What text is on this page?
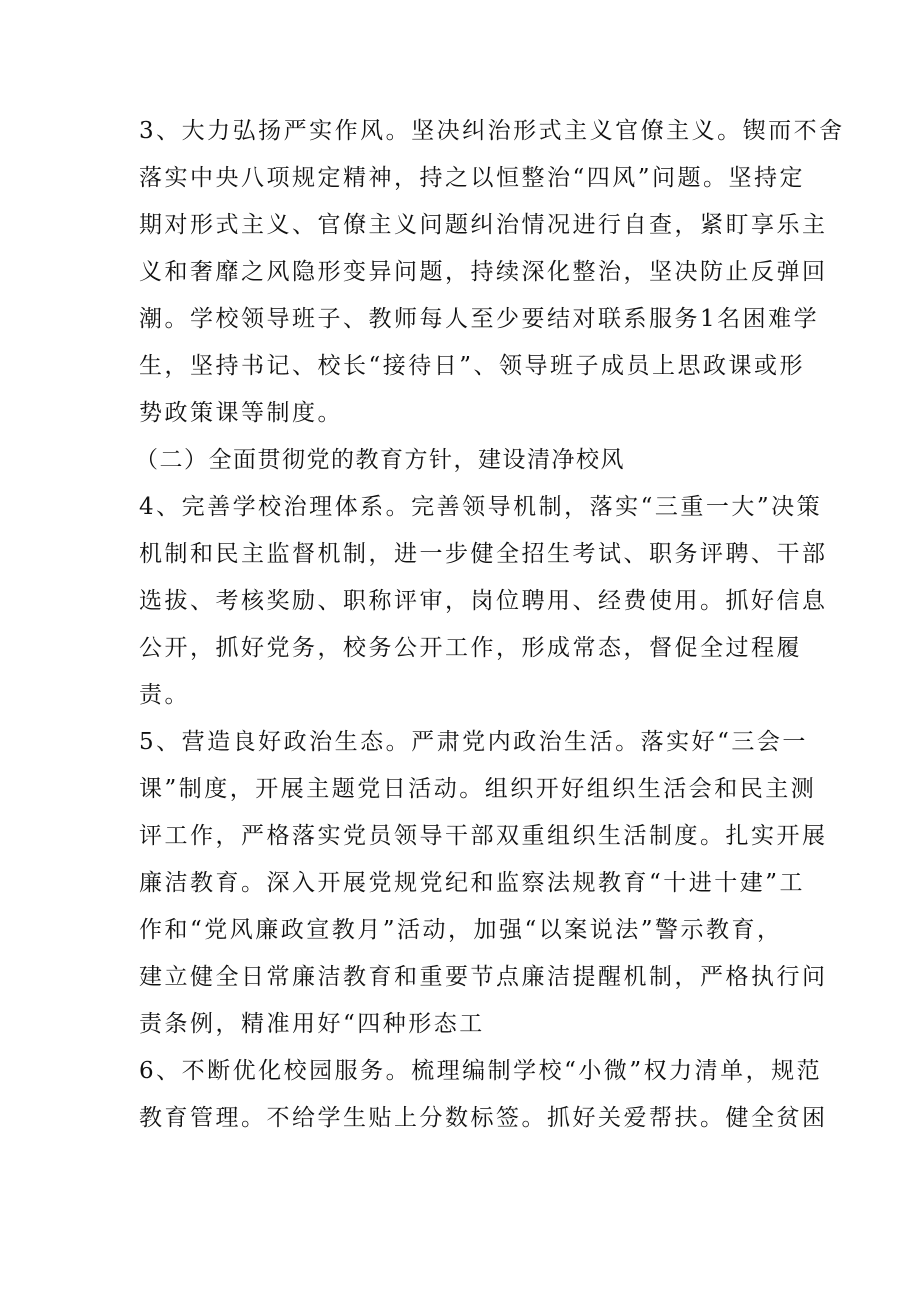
3、大力弘扬严实作风。坚决纠治形式主义官僚主义。锲而不舍
落实中央八项规定精神，持之以恒整治“四风”问题。坚持定
期对形式主义、官僚主义问题纠治情况进行自查，紧盯享乐主
义和奢靡之风隐形变异问题，持续深化整治，坚决防止反弹回
潮。学校领导班子、教师每人至少要结对联系服务1名困难学
生，坚持书记、校长“接待日”、领导班子成员上思政课或形
势政策课等制度。
（二）全面贯彻党的教育方针，建设清净校风
4、完善学校治理体系。完善领导机制，落实“三重一大”决策
机制和民主监督机制，进一步健全招生考试、职务评聘、干部
选拔、考核奖励、职称评审，岗位聘用、经费使用。抓好信息
公开，抓好党务，校务公开工作，形成常态，督促全过程履
责。
5、营造良好政治生态。严肃党内政治生活。落实好“三会一
课”制度，开展主题党日活动。组织开好组织生活会和民主测
评工作，严格落实党员领导干部双重组织生活制度。扎实开展
廉洁教育。深入开展党规党纪和监察法规教育“十进十建”工
作和“党风廉政宣教月”活动，加强“以案说法”警示教育，
建立健全日常廉洁教育和重要节点廉洁提醒机制，严格执行问
责条例，精准用好“四种形态工
6、不断优化校园服务。梳理编制学校“小微”权力清单，规范
教育管理。不给学生贴上分数标签。抓好关爱帮扶。健全贫困
